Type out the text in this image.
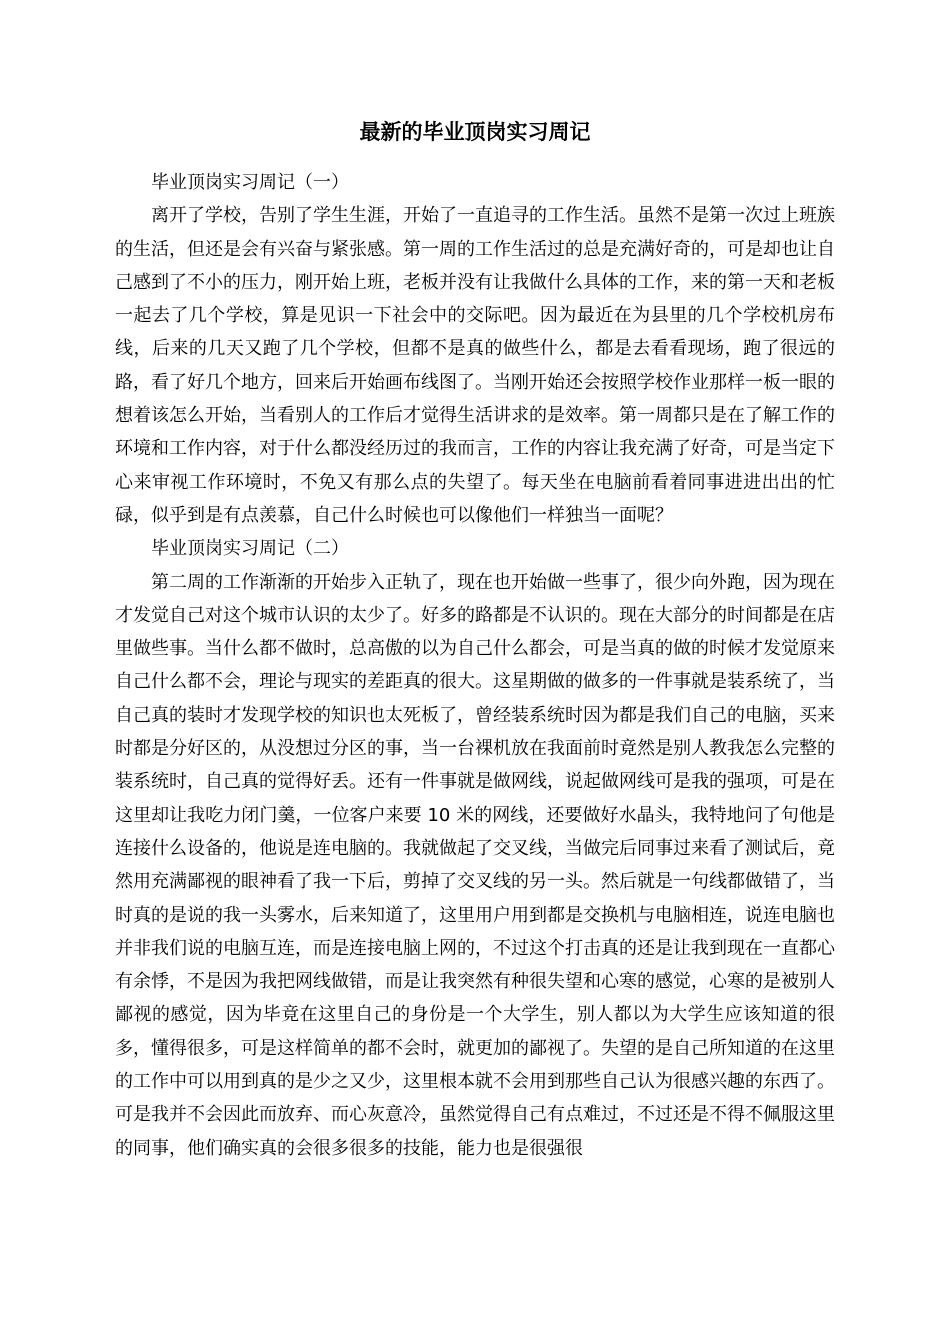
最新的毕业顶岗实习周记

毕业顶岗实习周记（一）

离开了学校，告别了学生生涯，开始了一直追寻的工作生活。虽然不是第一次过上班族的生活，但还是会有兴奋与紧张感。第一周的工作生活过的总是充满好奇的，可是却也让自己感到了不小的压力，刚开始上班，老板并没有让我做什么具体的工作，来的第一天和老板一起去了几个学校，算是见识一下社会中的交际吧。因为最近在为县里的几个学校机房布线，后来的几天又跑了几个学校，但都不是真的做些什么，都是去看看现场，跑了很远的路，看了好几个地方，回来后开始画布线图了。当刚开始还会按照学校作业那样一板一眼的想着该怎么开始，当看别人的工作后才觉得生活讲求的是效率。第一周都只是在了解工作的环境和工作内容，对于什么都没经历过的我而言，工作的内容让我充满了好奇，可是当定下心来审视工作环境时，不免又有那么点的失望了。每天坐在电脑前看着同事进进出出的忙碌，似乎到是有点羡慕，自己什么时候也可以像他们一样独当一面呢？

毕业顶岗实习周记（二）

第二周的工作渐渐的开始步入正轨了，现在也开始做一些事了，很少向外跑，因为现在才发觉自己对这个城市认识的太少了。好多的路都是不认识的。现在大部分的时间都是在店里做些事。当什么都不做时，总高傲的以为自己什么都会，可是当真的做的时候才发觉原来自己什么都不会，理论与现实的差距真的很大。这星期做的做多的一件事就是装系统了，当自己真的装时才发现学校的知识也太死板了，曾经装系统时因为都是我们自己的电脑，买来时都是分好区的，从没想过分区的事，当一台裸机放在我面前时竟然是别人教我怎么完整的装系统时，自己真的觉得好丢。还有一件事就是做网线，说起做网线可是我的强项，可是在这里却让我吃力闭门羹，一位客户来要 10 米的网线，还要做好水晶头，我特地问了句他是连接什么设备的，他说是连电脑的。我就做起了交叉线，当做完后同事过来看了测试后，竟然用充满鄙视的眼神看了我一下后，剪掉了交叉线的另一头。然后就是一句线都做错了，当时真的是说的我一头雾水，后来知道了，这里用户用到都是交换机与电脑相连，说连电脑也并非我们说的电脑互连，而是连接电脑上网的，不过这个打击真的还是让我到现在一直都心有余悸，不是因为我把网线做错，而是让我突然有种很失望和心寒的感觉，心寒的是被别人鄙视的感觉，因为毕竟在这里自己的身份是一个大学生，别人都以为大学生应该知道的很多，懂得很多，可是这样简单的都不会时，就更加的鄙视了。失望的是自己所知道的在这里的工作中可以用到真的是少之又少，这里根本就不会用到那些自己认为很感兴趣的东西了。可是我并不会因此而放弃、而心灰意冷，虽然觉得自己有点难过，不过还是不得不佩服这里的同事，他们确实真的会很多很多的技能，能力也是很强很
